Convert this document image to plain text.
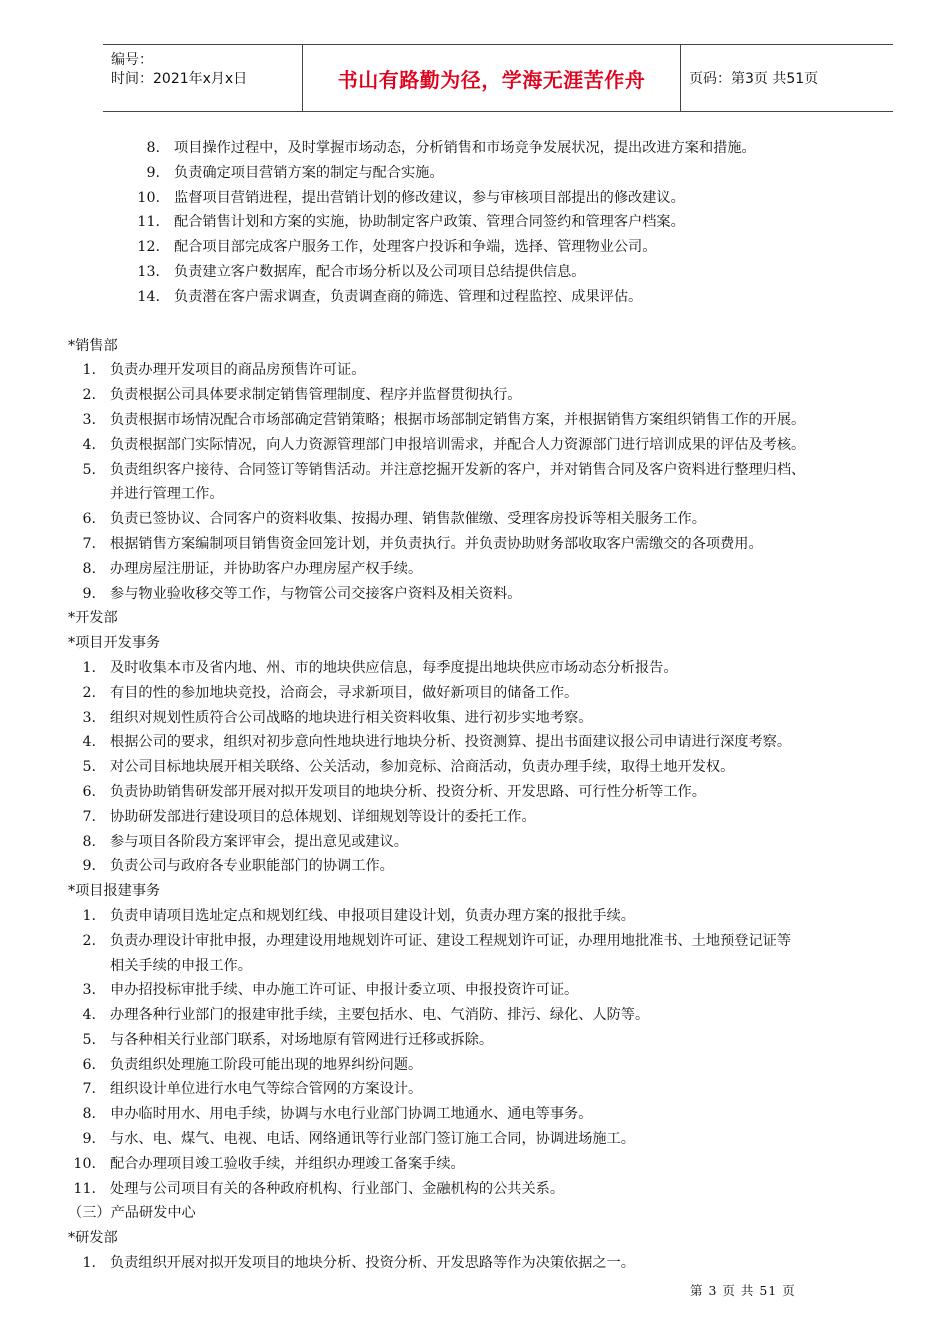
编号：
时间：2021年x月x日	书山有路勤为径，学海无涯苦作舟	页码：第3页 共51页
8. 项目操作过程中，及时掌握市场动态，分析销售和市场竞争发展状况，提出改进方案和措施。
9. 负责确定项目营销方案的制定与配合实施。
10. 监督项目营销进程，提出营销计划的修改建议，参与审核项目部提出的修改建议。
11. 配合销售计划和方案的实施，协助制定客户政策、管理合同签约和管理客户档案。
12. 配合项目部完成客户服务工作，处理客户投诉和争端，选择、管理物业公司。
13. 负责建立客户数据库，配合市场分析以及公司项目总结提供信息。
14. 负责潜在客户需求调查，负责调查商的筛选、管理和过程监控、成果评估。
*销售部
1. 负责办理开发项目的商品房预售许可证。
2. 负责根据公司具体要求制定销售管理制度、程序并监督贯彻执行。
3. 负责根据市场情况配合市场部确定营销策略；根据市场部制定销售方案，并根据销售方案组织销售工作的开展。
4. 负责根据部门实际情况，向人力资源管理部门申报培训需求，并配合人力资源部门进行培训成果的评估及考核。
5. 负责组织客户接待、合同签订等销售活动。并注意挖掘开发新的客户，并对销售合同及客户资料进行整理归档、
并进行管理工作。
6. 负责已签协议、合同客户的资料收集、按揭办理、销售款催缴、受理客房投诉等相关服务工作。
7. 根据销售方案编制项目销售资金回笼计划，并负责执行。并负责协助财务部收取客户需缴交的各项费用。
8. 办理房屋注册证，并协助客户办理房屋产权手续。
9. 参与物业验收移交等工作，与物管公司交接客户资料及相关资料。
*开发部
*项目开发事务
1. 及时收集本市及省内地、州、市的地块供应信息，每季度提出地块供应市场动态分析报告。
2. 有目的性的参加地块竞投，洽商会，寻求新项目，做好新项目的储备工作。
3. 组织对规划性质符合公司战略的地块进行相关资料收集、进行初步实地考察。
4. 根据公司的要求，组织对初步意向性地块进行地块分析、投资测算、提出书面建议报公司申请进行深度考察。
5. 对公司目标地块展开相关联络、公关活动，参加竞标、洽商活动，负责办理手续，取得土地开发权。
6. 负责协助销售研发部开展对拟开发项目的地块分析、投资分析、开发思路、可行性分析等工作。
7. 协助研发部进行建设项目的总体规划、详细规划等设计的委托工作。
8. 参与项目各阶段方案评审会，提出意见或建议。
9. 负责公司与政府各专业职能部门的协调工作。
*项目报建事务
1. 负责申请项目选址定点和规划红线、申报项目建设计划，负责办理方案的报批手续。
2. 负责办理设计审批申报，办理建设用地规划许可证、建设工程规划许可证，办理用地批准书、土地预登记证等
相关手续的申报工作。
3. 申办招投标审批手续、申办施工许可证、申报计委立项、申报投资许可证。
4. 办理各种行业部门的报建审批手续，主要包括水、电、气消防、排污、绿化、人防等。
5. 与各种相关行业部门联系，对场地原有管网进行迁移或拆除。
6. 负责组织处理施工阶段可能出现的地界纠纷问题。
7. 组织设计单位进行水电气等综合管网的方案设计。
8. 申办临时用水、用电手续，协调与水电行业部门协调工地通水、通电等事务。
9. 与水、电、煤气、电视、电话、网络通讯等行业部门签订施工合同，协调进场施工。
10. 配合办理项目竣工验收手续，并组织办理竣工备案手续。
11. 处理与公司项目有关的各种政府机构、行业部门、金融机构的公共关系。
（三）产品研发中心
*研发部
1. 负责组织开展对拟开发项目的地块分析、投资分析、开发思路等作为决策依据之一。
第 3 页 共 51 页
